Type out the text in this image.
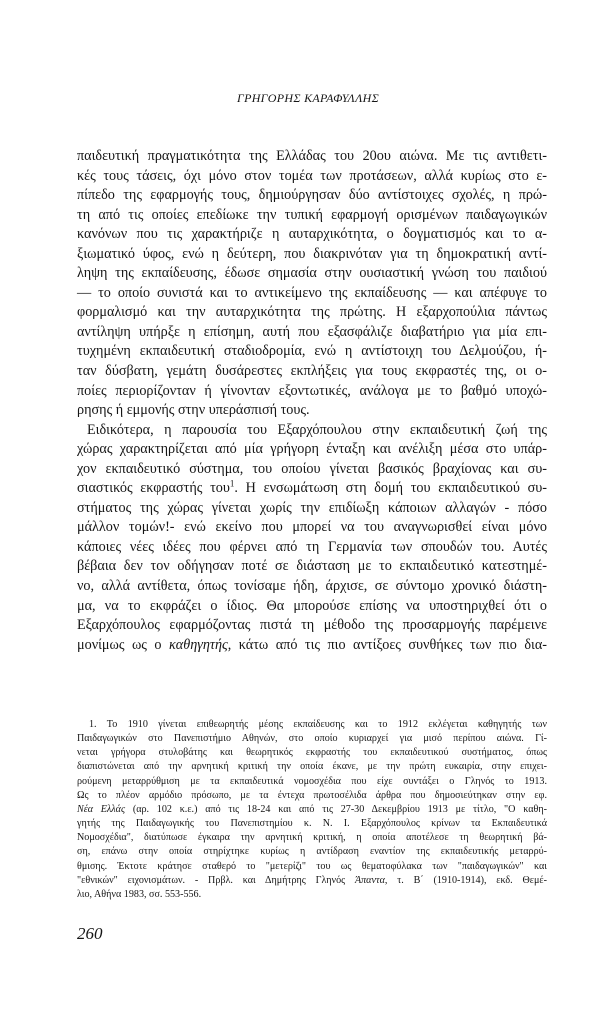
ΓΡΗΓΟΡΗΣ ΚΑΡΑΦΥΛΛΗΣ
παιδευτική πραγματικότητα της Ελλάδας του 20ου αιώνα. Με τις αντιθετι-
κές τους τάσεις, όχι μόνο στον τομέα των προτάσεων, αλλά κυρίως στο ε-
πίπεδο της εφαρμογής τους, δημιούργησαν δύο αντίστοιχες σχολές, η πρώ-
τη από τις οποίες επεδίωκε την τυπική εφαρμογή ορισμένων παιδαγωγικών
κανόνων που τις χαρακτήριζε η αυταρχικότητα, ο δογματισμός και το α-
ξιωματικό ύφος, ενώ η δεύτερη, που διακρινόταν για τη δημοκρατική αντί-
ληψη της εκπαίδευσης, έδωσε σημασία στην ουσιαστική γνώση του παιδιού
— το οποίο συνιστά και το αντικείμενο της εκπαίδευσης — και απέφυγε το
φορμαλισμό και την αυταρχικότητα της πρώτης. Η εξαρχοπούλια πάντως
αντίληψη υπήρξε η επίσημη, αυτή που εξασφάλιζε διαβατήριο για μία επι-
τυχημένη εκπαιδευτική σταδιοδρομία, ενώ η αντίστοιχη του Δελμούζου, ή-
ταν δύσβατη, γεμάτη δυσάρεστες εκπλήξεις για τους εκφραστές της, οι ο-
ποίες περιορίζονταν ή γίνονταν εξοντωτικές, ανάλογα με το βαθμό υποχώ-
ρησης ή εμμονής στην υπεράσπισή τους.
Ειδικότερα, η παρουσία του Εξαρχόπουλου στην εκπαιδευτική ζωή της
χώρας χαρακτηρίζεται από μία γρήγορη ένταξη και ανέλιξη μέσα στο υπάρ-
χον εκπαιδευτικό σύστημα, του οποίου γίνεται βασικός βραχίονας και συ-
σιαστικός εκφραστής του$^1$. Η ενσωμάτωση στη δομή του εκπαιδευτικού συ-
στήματος της χώρας γίνεται χωρίς την επιδίωξη κάποιων αλλαγών - πόσο
μάλλον τομών!- ενώ εκείνο που μπορεί να του αναγνωρισθεί είναι μόνο
κάποιες νέες ιδέες που φέρνει από τη Γερμανία των σπουδών του. Αυτές
βέβαια δεν τον οδήγησαν ποτέ σε διάσταση με το εκπαιδευτικό κατεστημέ-
νο, αλλά αντίθετα, όπως τονίσαμε ήδη, άρχισε, σε σύντομο χρονικό διάστη-
μα, να το εκφράζει ο ίδιος. Θα μπορούσε επίσης να υποστηριχθεί ότι ο
Εξαρχόπουλος εφαρμόζοντας πιστά τη μέθοδο της προσαρμογής παρέμεινε
μονίμως ως ο καθηγητής, κάτω από τις πιο αντίξοες συνθήκες των πιο δια-
1. Το 1910 γίνεται επιθεωρητής μέσης εκπαίδευσης και το 1912 εκλέγεται καθηγητής των
Παιδαγωγικών στο Πανεπιστήμιο Αθηνών, στο οποίο κυριαρχεί για μισό περίπου αιώνα. Γί-
νεται γρήγορα στυλοβάτης και θεωρητικός εκφραστής του εκπαιδευτικού συστήματος, όπως
διαπιστώνεται από την αρνητική κριτική την οποία έκανε, με την πρώτη ευκαιρία, στην επιχει-
ρούμενη μεταρρύθμιση με τα εκπαιδευτικά νομοσχέδια που είχε συντάξει ο Γληνός το 1913.
Ως το πλέον αρμόδιο πρόσωπο, με τα έντεχα πρωτοσέλιδα άρθρα που δημοσιεύτηκαν στην εφ.
Νέα Ελλάς (αρ. 102 κ.ε.) από τις 18-24 και από τις 27-30 Δεκεμβρίου 1913 με τίτλο, "Ο καθη-
γητής της Παιδαγωγικής του Πανεπιστημίου κ. Ν. Ι. Εξαρχόπουλος κρίνων τα Εκπαιδευτικά
Νομοσχέδια", διατύπωσε έγκαιρα την αρνητική κριτική, η οποία αποτέλεσε τη θεωρητική βά-
ση, επάνω στην οποία στηρίχτηκε κυρίως η αντίδραση εναντίον της εκπαιδευτικής μεταρρύ-
θμισης. Έκτοτε κράτησε σταθερό το "μετερίζι" του ως θεματοφύλακα των "παιδαγωγικών" και
"εθνικών" ειχονισμάτων. - Πρβλ. και Δημήτρης Γληνός Άπαντα, τ. Β΄ (1910-1914), εκδ. Θεμέ-
λιο, Αθήνα 1983, σσ. 553-556.
260
